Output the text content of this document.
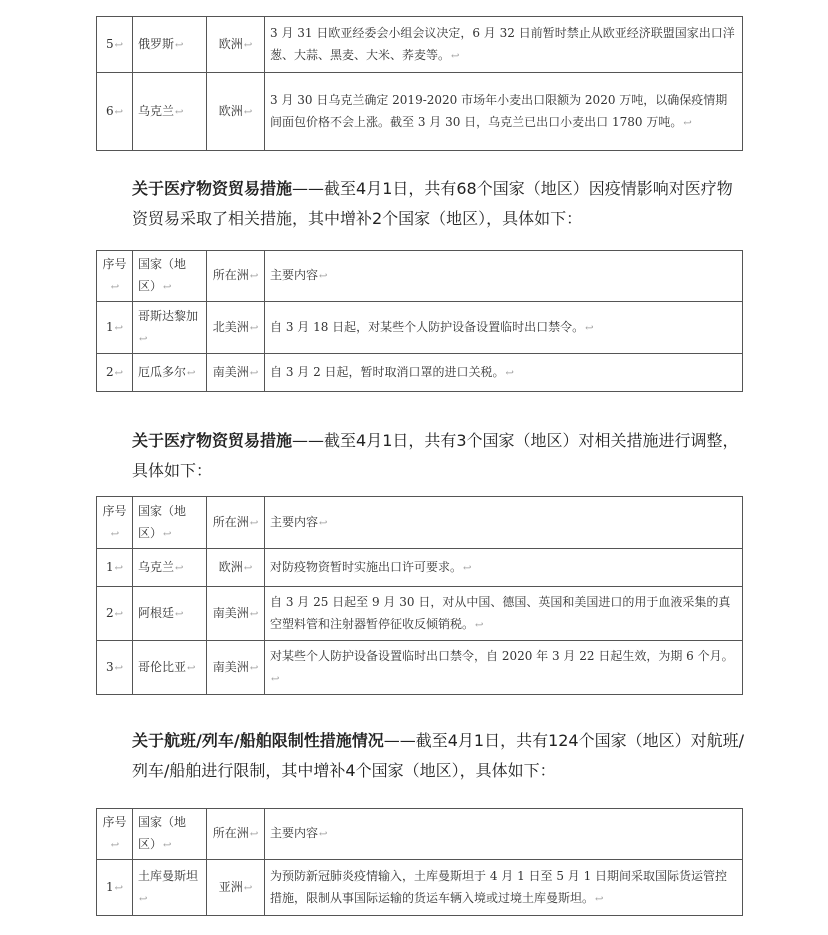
5↩	俄罗斯↩	欧洲↩	3 月 31 日欧亚经委会小组会议决定，6 月 32 日前暂时禁止从欧亚经济联盟国家出口洋葱、大蒜、黑麦、大米、荞麦等。↩
6↩	乌克兰↩	欧洲↩	3 月 30 日乌克兰确定 2019-2020 市场年小麦出口限额为 2020 万吨，以确保疫情期间面包价格不会上涨。截至 3 月 30 日，乌克兰已出口小麦出口 1780 万吨。↩
关于医疗物资贸易措施——截至4月1日，共有68个国家（地区）因疫情影响对医疗物资贸易采取了相关措施，其中增补2个国家（地区），具体如下：
序号↩	国家（地区）↩	所在洲↩	主要内容↩
1↩	哥斯达黎加↩	北美洲↩	自 3 月 18 日起，对某些个人防护设备设置临时出口禁令。↩
2↩	厄瓜多尔↩	南美洲↩	自 3 月 2 日起，暂时取消口罩的进口关税。↩
关于医疗物资贸易措施——截至4月1日，共有3个国家（地区）对相关措施进行调整，具体如下：
序号↩	国家（地区）↩	所在洲↩	主要内容↩
1↩	乌克兰↩	欧洲↩	对防疫物资暂时实施出口许可要求。↩
2↩	阿根廷↩	南美洲↩	自 3 月 25 日起至 9 月 30 日，对从中国、德国、英国和美国进口的用于血液采集的真空塑料管和注射器暂停征收反倾销税。↩
3↩	哥伦比亚↩	南美洲↩	对某些个人防护设备设置临时出口禁令，自 2020 年 3 月 22 日起生效，为期 6 个月。↩
关于航班/列车/船舶限制性措施情况——截至4月1日，共有124个国家（地区）对航班/列车/船舶进行限制，其中增补4个国家（地区），具体如下：
序号↩	国家（地区）↩	所在洲↩	主要内容↩
1↩	土库曼斯坦↩	亚洲↩	为预防新冠肺炎疫情输入，土库曼斯坦于 4 月 1 日至 5 月 1 日期间采取国际货运管控措施，限制从事国际运输的货运车辆入境或过境土库曼斯坦。↩
